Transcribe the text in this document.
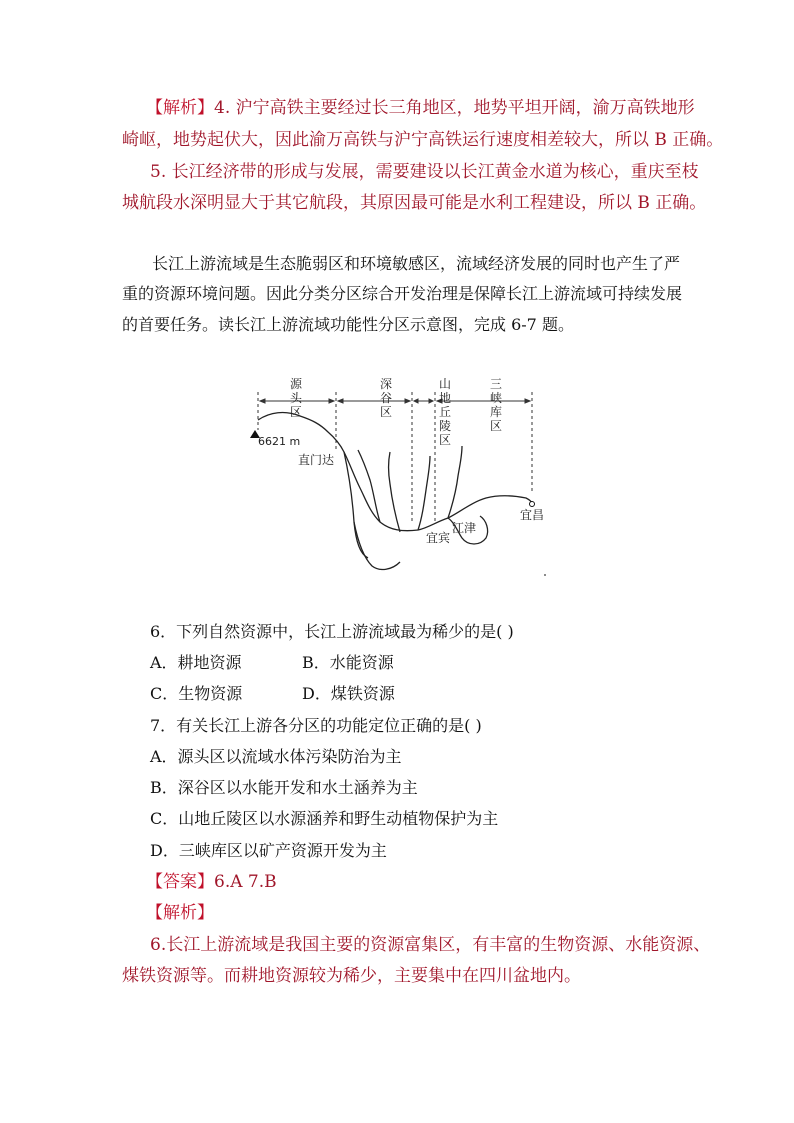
【解析】4. 沪宁高铁主要经过长三角地区，地势平坦开阔，渝万高铁地形
崎岖，地势起伏大，因此渝万高铁与沪宁高铁运行速度相差较大，所以 B 正确。
5. 长江经济带的形成与发展，需要建设以长江黄金水道为核心，重庆至枝
城航段水深明显大于其它航段，其原因最可能是水利工程建设，所以 B 正确。
长江上游流域是生态脆弱区和环境敏感区，流域经济发展的同时也产生了严
重的资源环境问题。因此分类分区综合开发治理是保障长江上游流域可持续发展
的首要任务。读长江上游流域功能性分区示意图，完成 6-7 题。
源
头
区
深
谷
区
山
地
丘
陵
区
三
峡
库
区
6621 m
直门达
宜宾
江津
宜昌
6．下列自然资源中，长江上游流域最为稀少的是( )
A．耕地资源	B．水能资源
C．生物资源	D．煤铁资源
7．有关长江上游各分区的功能定位正确的是( )
A．源头区以流域水体污染防治为主
B．深谷区以水能开发和水土涵养为主
C．山地丘陵区以水源涵养和野生动植物保护为主
D．三峡库区以矿产资源开发为主
【答案】6.A 7.B
【解析】
6.长江上游流域是我国主要的资源富集区，有丰富的生物资源、水能资源、
煤铁资源等。而耕地资源较为稀少，主要集中在四川盆地内。
